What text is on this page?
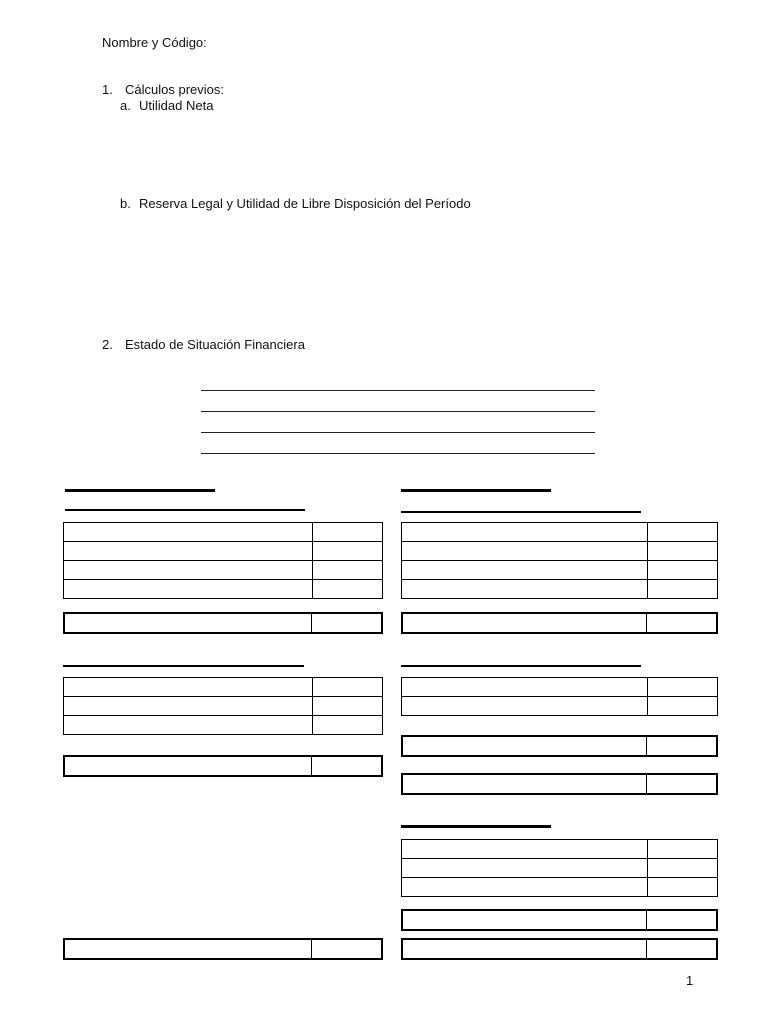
Nombre y Código:
1. Cálculos previos:
a. Utilidad Neta
b. Reserva Legal y Utilidad de Libre Disposición del Período
2. Estado de Situación Financiera

1
